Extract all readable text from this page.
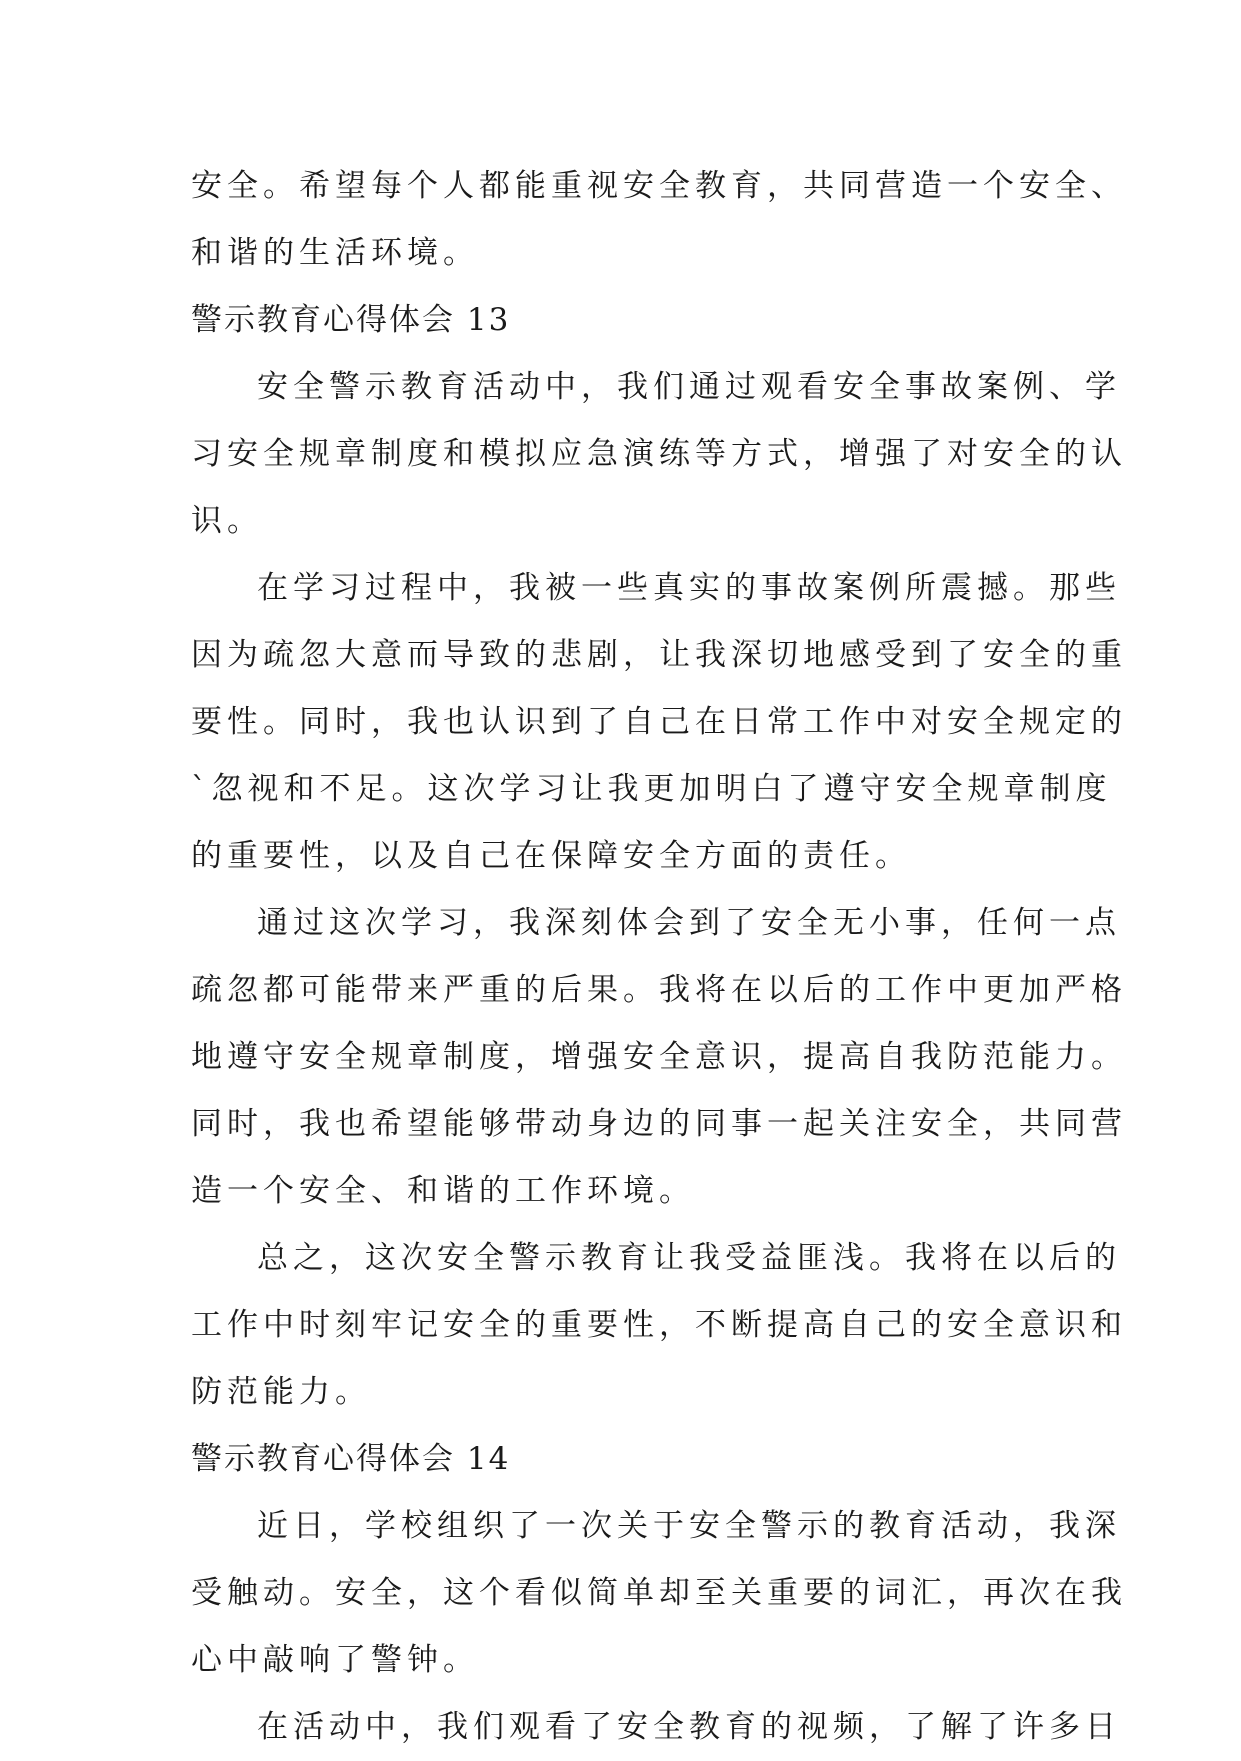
安全。希望每个人都能重视安全教育，共同营造一个安全、
和谐的生活环境。
警示教育心得体会 13
安全警示教育活动中，我们通过观看安全事故案例、学
习安全规章制度和模拟应急演练等方式，增强了对安全的认
识。
在学习过程中，我被一些真实的事故案例所震撼。那些
因为疏忽大意而导致的悲剧，让我深切地感受到了安全的重
要性。同时，我也认识到了自己在日常工作中对安全规定的
`忽视和不足。这次学习让我更加明白了遵守安全规章制度
的重要性，以及自己在保障安全方面的责任。
通过这次学习，我深刻体会到了安全无小事，任何一点
疏忽都可能带来严重的后果。我将在以后的工作中更加严格
地遵守安全规章制度，增强安全意识，提高自我防范能力。
同时，我也希望能够带动身边的同事一起关注安全，共同营
造一个安全、和谐的工作环境。
总之，这次安全警示教育让我受益匪浅。我将在以后的
工作中时刻牢记安全的重要性，不断提高自己的安全意识和
防范能力。
警示教育心得体会 14
近日，学校组织了一次关于安全警示的教育活动，我深
受触动。安全，这个看似简单却至关重要的词汇，再次在我
心中敲响了警钟。
在活动中，我们观看了安全教育的视频，了解了许多日
